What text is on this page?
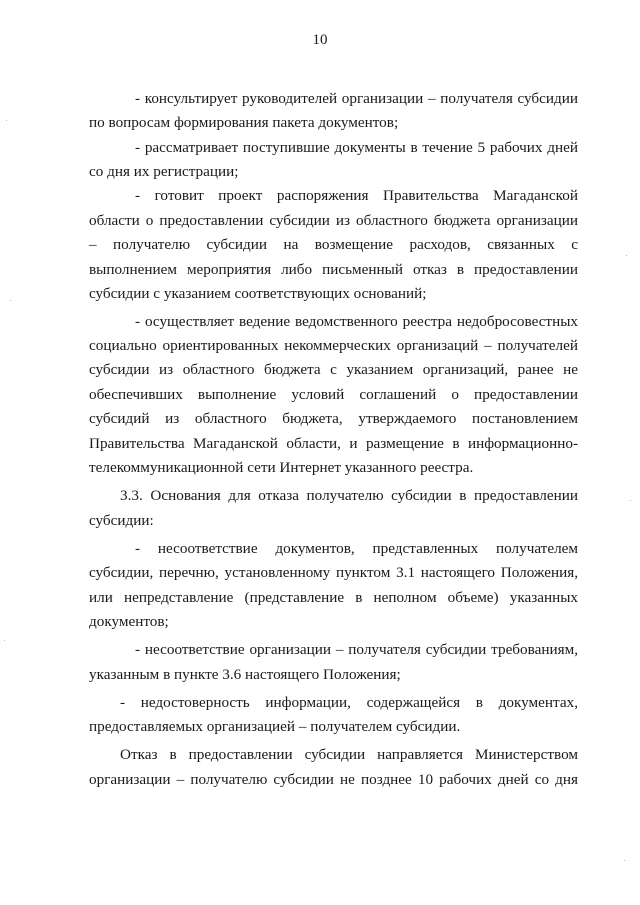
10
- консультирует руководителей организации – получателя субсидии
по вопросам формирования пакета документов;
- рассматривает поступившие документы в течение 5 рабочих дней
со дня их регистрации;
- готовит проект распоряжения Правительства Магаданской
области о предоставлении субсидии из областного бюджета организации
– получателю субсидии на возмещение расходов, связанных с
выполнением мероприятия либо письменный отказ в предоставлении
субсидии с указанием соответствующих оснований;
- осуществляет ведение ведомственного реестра недобросовестных
социально ориентированных некоммерческих организаций – получателей
субсидии из областного бюджета с указанием организаций, ранее не
обеспечивших выполнение условий соглашений о предоставлении
субсидий из областного бюджета, утверждаемого постановлением
Правительства Магаданской области, и размещение в информационно-
телекоммуникационной сети Интернет указанного реестра.
3.3. Основания для отказа получателю субсидии в предоставлении
субсидии:
- несоответствие документов, представленных получателем
субсидии, перечню, установленному пунктом 3.1 настоящего Положения,
или непредставление (представление в неполном объеме) указанных
документов;
- несоответствие организации – получателя субсидии требованиям,
указанным в пункте 3.6 настоящего Положения;
- недостоверность информации, содержащейся в документах,
предоставляемых организацией – получателем субсидии.
Отказ в предоставлении субсидии направляется Министерством
организации – получателю субсидии не позднее 10 рабочих дней со дня
